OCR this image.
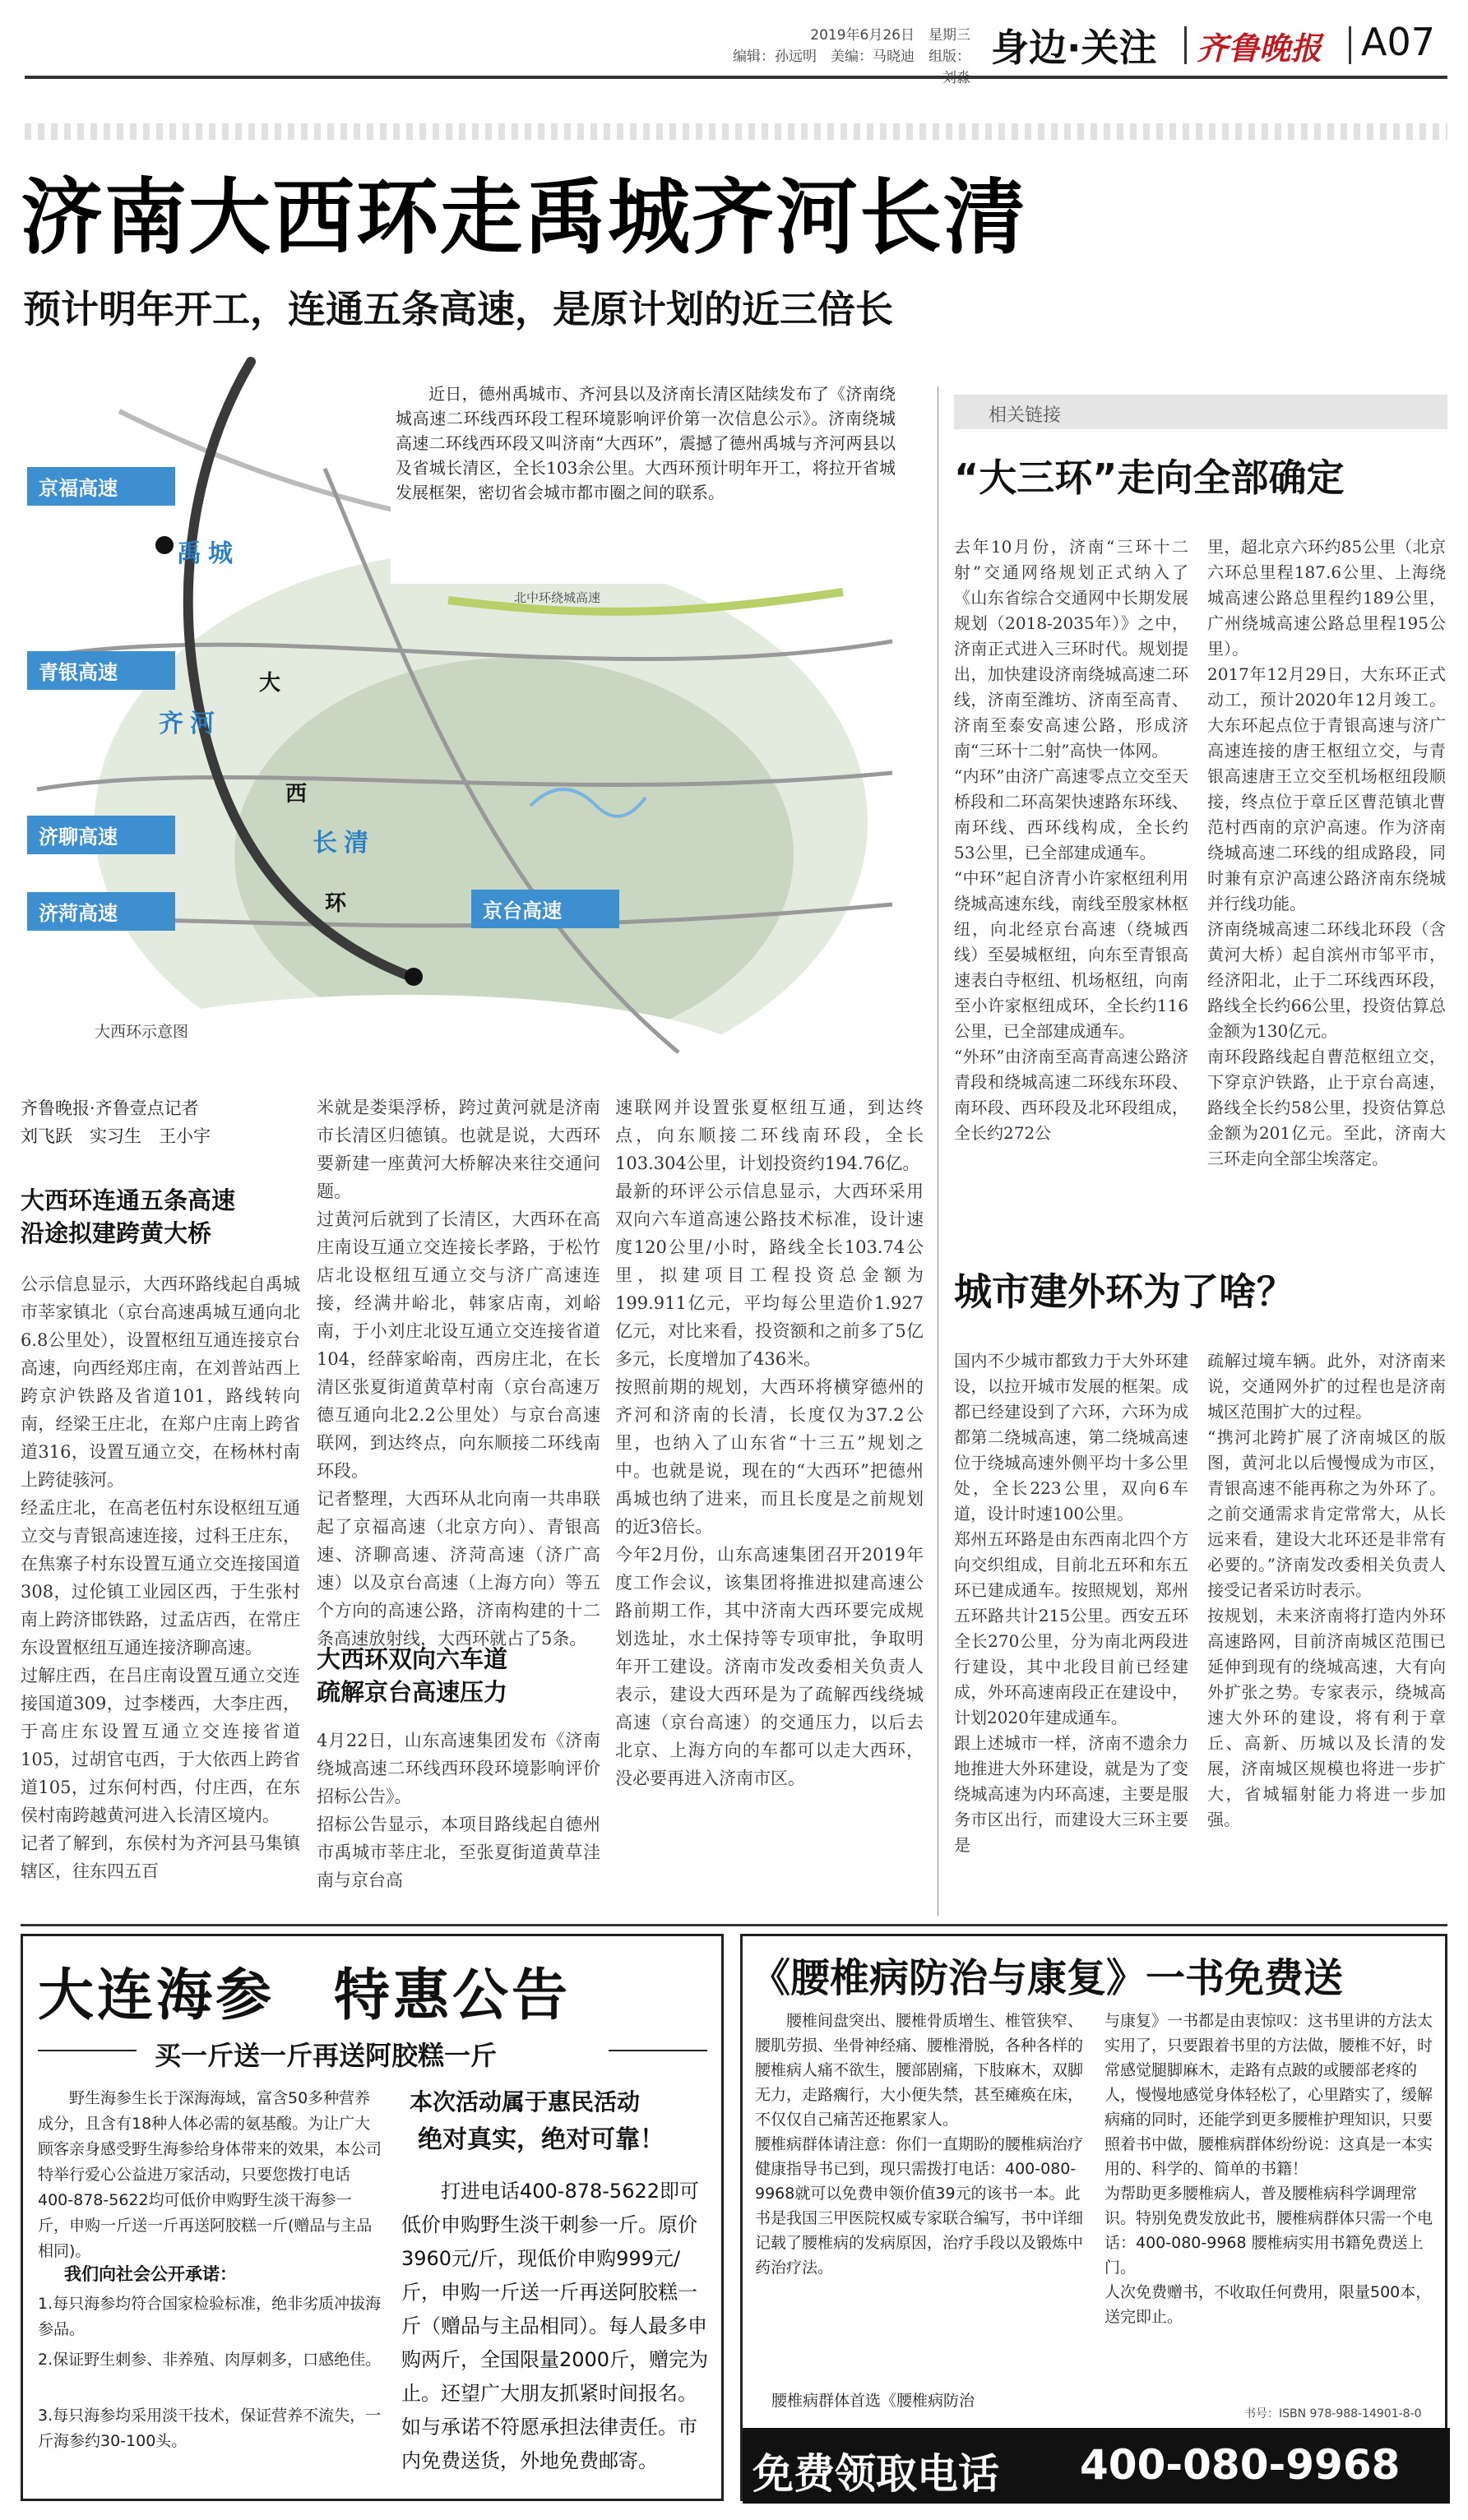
2019年6月26日　 星期三
编辑：孙远明　美编：马晓迪　组版： 身边·关注 齐鲁晚报 A07
济南大西环走禹城齐河长清
预计明年开工，连通五条高速，是原计划的近三倍长
京福高速
青银高速
济聊高速
济菏高速	京台高速
禹城
齐河
长清
大
西
环
北中环绕城高速
大西环示意图
近日，德州禹城市、齐河县以及济南长清区陆续发布了《济南绕城高速二环线西环段工程环境影响评价第一次信息公示》。济南绕城高速二环线西环段又叫济南“大西环”，震撼了德州禹城与齐河两县以及省城长清区，全长103余公里。大西环预计明年开工，将拉开省城发展框架，密切省会城市都市圈之间的联系。
相关链接
“大三环”走向全部确定
去年10月份，济南“三环十二射”交通网络规划正式纳入了《山东省综合交通网中长期发展规划（2018-2035年）》之中，济南正式进入三环时代。规划提出，加快建设济南绕城高速二环线，济南至潍坊、济南至高青、济南至泰安高速公路，形成济南“三环十二射”高快一体网。
“内环”由济广高速零点立交至天桥段和二环高架快速路东环线、南环线、西环线构成，全长约53公里，已全部建成通车。
“中环”起自济青小许家枢纽利用绕城高速东线，南线至殷家林枢纽，向北经京台高速（绕城西线）至晏城枢纽，向东至青银高速表白寺枢纽、机场枢纽，向南至小许家枢纽成环，全长约116公里，已全部建成通车。
“外环”由济南至高青高速公路济青段和绕城高速二环线东环段、南环段、西环段及北环段组成，全长约272公
里，超北京六环约85公里（北京六环总里程187.6公里、上海绕城高速公路总里程约189公里，广州绕城高速公路总里程195公里）。
2017年12月29日，大东环正式动工，预计2020年12月竣工。大东环起点位于青银高速与济广高速连接的唐王枢纽立交，与青银高速唐王立交至机场枢纽段顺接，终点位于章丘区曹范镇北曹范村西南的京沪高速。作为济南绕城高速二环线的组成路段，同时兼有京沪高速公路济南东绕城并行线功能。
济南绕城高速二环线北环段（含黄河大桥）起自滨州市邹平市，经济阳北，止于二环线西环段，路线全长约66公里，投资估算总金额为130亿元。
南环段路线起自曹范枢纽立交，下穿京沪铁路，止于京台高速，路线全长约58公里，投资估算总金额为201亿元。至此，济南大三环走向全部尘埃落定。
城市建外环为了啥？
国内不少城市都致力于大外环建设，以拉开城市发展的框架。成都已经建设到了六环，六环为成都第二绕城高速，第二绕城高速位于绕城高速外侧平均十多公里处，全长223公里，双向6车道，设计时速100公里。
郑州五环路是由东西南北四个方向交织组成，目前北五环和东五环已建成通车。按照规划，郑州五环路共计215公里。西安五环全长270公里，分为南北两段进行建设，其中北段目前已经建成，外环高速南段正在建设中，计划2020年建成通车。
跟上述城市一样，济南不遗余力地推进大外环建设，就是为了变绕城高速为内环高速，主要是服务市区出行，而建设大三环主要是
疏解过境车辆。此外，对济南来说，交通网外扩的过程也是济南城区范围扩大的过程。
“携河北跨扩展了济南城区的版图，黄河北以后慢慢成为市区，青银高速不能再称之为外环了。之前交通需求肯定常常大，从长远来看，建设大北环还是非常有必要的。”济南发改委相关负责人接受记者采访时表示。
按规划，未来济南将打造内外环高速路网，目前济南城区范围已延伸到现有的绕城高速，大有向外扩张之势。专家表示，绕城高速大外环的建设，将有利于章丘、高新、历城以及长清的发展，济南城区规模也将进一步扩大，省城辐射能力将进一步加强。
齐鲁晚报·齐鲁壹点记者
刘飞跃　实习生　王小宇
大西环连通五条高速
沿途拟建跨黄大桥
公示信息显示，大西环路线起自禹城市莘家镇北（京台高速禹城互通向北6.8公里处），设置枢纽互通连接京台高速，向西经郑庄南，在刘普站西上跨京沪铁路及省道101，路线转向南，经梁王庄北，在郑户庄南上跨省道316，设置互通立交，在杨林村南上跨徒骇河。
经孟庄北，在高老伍村东设枢纽互通立交与青银高速连接，过科王庄东，在焦寨子村东设置互通立交连接国道308，过伦镇工业园区西，于生张村南上跨济邯铁路，过孟店西，在常庄东设置枢纽互通连接济聊高速。
过解庄西，在吕庄南设置互通立交连接国道309，过李楼西，大李庄西，于高庄东设置互通立交连接省道105，过胡官屯西，于大依西上跨省道105，过东何村西，付庄西，在东侯村南跨越黄河进入长清区境内。
记者了解到，东侯村为齐河县马集镇辖区，往东四五百
米就是娄渠浮桥，跨过黄河就是济南市长清区归德镇。也就是说，大西环要新建一座黄河大桥解决来往交通问题。
过黄河后就到了长清区，大西环在高庄南设互通立交连接长孝路，于松竹店北设枢纽互通立交与济广高速连接，经满井峪北，韩家店南，刘峪南，于小刘庄北设互通立交连接省道104，经薛家峪南，西房庄北，在长清区张夏街道黄草村南（京台高速万德互通向北2.2公里处）与京台高速联网，到达终点，向东顺接二环线南环段。
记者整理，大西环从北向南一共串联起了京福高速（北京方向）、青银高速、济聊高速、济菏高速（济广高速）以及京台高速（上海方向）等五个方向的高速公路，济南构建的十二条高速放射线，大西环就占了5条。
大西环双向六车道
疏解京台高速压力
4月22日，山东高速集团发布《济南绕城高速二环线西环段环境影响评价招标公告》。
招标公告显示，本项目路线起自德州市禹城市莘庄北，至张夏街道黄草洼南与京台高
速联网并设置张夏枢纽互通，到达终点，向东顺接二环线南环段，全长103.304公里，计划投资约194.76亿。
最新的环评公示信息显示，大西环采用双向六车道高速公路技术标准，设计速度120公里/小时，路线全长103.74公里，拟建项目工程投资总金额为199.911亿元，平均每公里造价1.927亿元，对比来看，投资额和之前多了5亿多元，长度增加了436米。
按照前期的规划，大西环将横穿德州的齐河和济南的长清，长度仅为37.2公里，也纳入了山东省“十三五”规划之中。也就是说，现在的“大西环”把德州禹城也纳了进来，而且长度是之前规划的近3倍长。
今年2月份，山东高速集团召开2019年度工作会议，该集团将推进拟建高速公路前期工作，其中济南大西环要完成规划选址，水土保持等专项审批，争取明年开工建设。济南市发改委相关负责人表示，建设大西环是为了疏解西线绕城高速（京台高速）的交通压力，以后去北京、上海方向的车都可以走大西环，没必要再进入济南市区。
大连海参　特惠公告
买一斤送一斤再送阿胶糕一斤
野生海参生长于深海海域，富含50多种营养成分，且含有18种人体必需的氨基酸。为让广大顾客亲身感受野生海参给身体带来的效果，本公司特举行爱心公益进万家活动，只要您拨打电话400-878-5622均可低价申购野生淡干海参一斤，申购一斤送一斤再送阿胶糕一斤(赠品与主品相同)。
我们向社会公开承诺：
1.每只海参均符合国家检验标准，绝非劣质冲拔海参品。
2.保证野生刺参、非养殖、肉厚刺多，口感绝佳。
3.每只海参均采用淡干技术，保证营养不流失，一斤海参约30-100头。
本次活动属于惠民活动
绝对真实，绝对可靠！
打进电话400-878-5622即可低价申购野生淡干刺参一斤。原价3960元/斤，现低价申购999元/斤，申购一斤送一斤再送阿胶糕一斤（赠品与主品相同）。每人最多申购两斤，全国限量2000斤，赠完为止。还望广大朋友抓紧时间报名。如与承诺不符愿承担法律责任。市内免费送货，外地免费邮寄。
《腰椎病防治与康复》一书免费送
腰椎间盘突出、腰椎骨质增生、椎管狭窄、腰肌劳损、坐骨神经痛、腰椎滑脱，各种各样的腰椎病人痛不欲生，腰部剧痛，下肢麻木，双脚无力，走路瘸行，大小便失禁，甚至瘫痪在床，不仅仅自己痛苦还拖累家人。
腰椎病群体请注意：你们一直期盼的腰椎病治疗健康指导书已到，现只需拨打电话：400-080-9968就可以免费申领价值39元的该书一本。此书是我国三甲医院权威专家联合编写，书中详细记载了腰椎病的发病原因，治疗手段以及锻炼中药治疗法。
腰椎病群体首选《腰椎病防治
与康复》一书都是由衷惊叹：这书里讲的方法太实用了，只要跟着书里的方法做，腰椎不好，时常感觉腿脚麻木，走路有点跛的或腰部老疼的人，慢慢地感觉身体轻松了，心里踏实了，缓解病痛的同时，还能学到更多腰椎护理知识，只要照着书中做，腰椎病群体纷纷说：这真是一本实用的、科学的、简单的书籍！
为帮助更多腰椎病人，普及腰椎病科学调理常识。特别免费发放此书，腰椎病群体只需一个电话：400-080-9968 腰椎病实用书籍免费送上门。
人次免费赠书，不收取任何费用，限量500本，送完即止。
书号：ISBN 978-988-14901-8-0
免费领取电话 400-080-9968
